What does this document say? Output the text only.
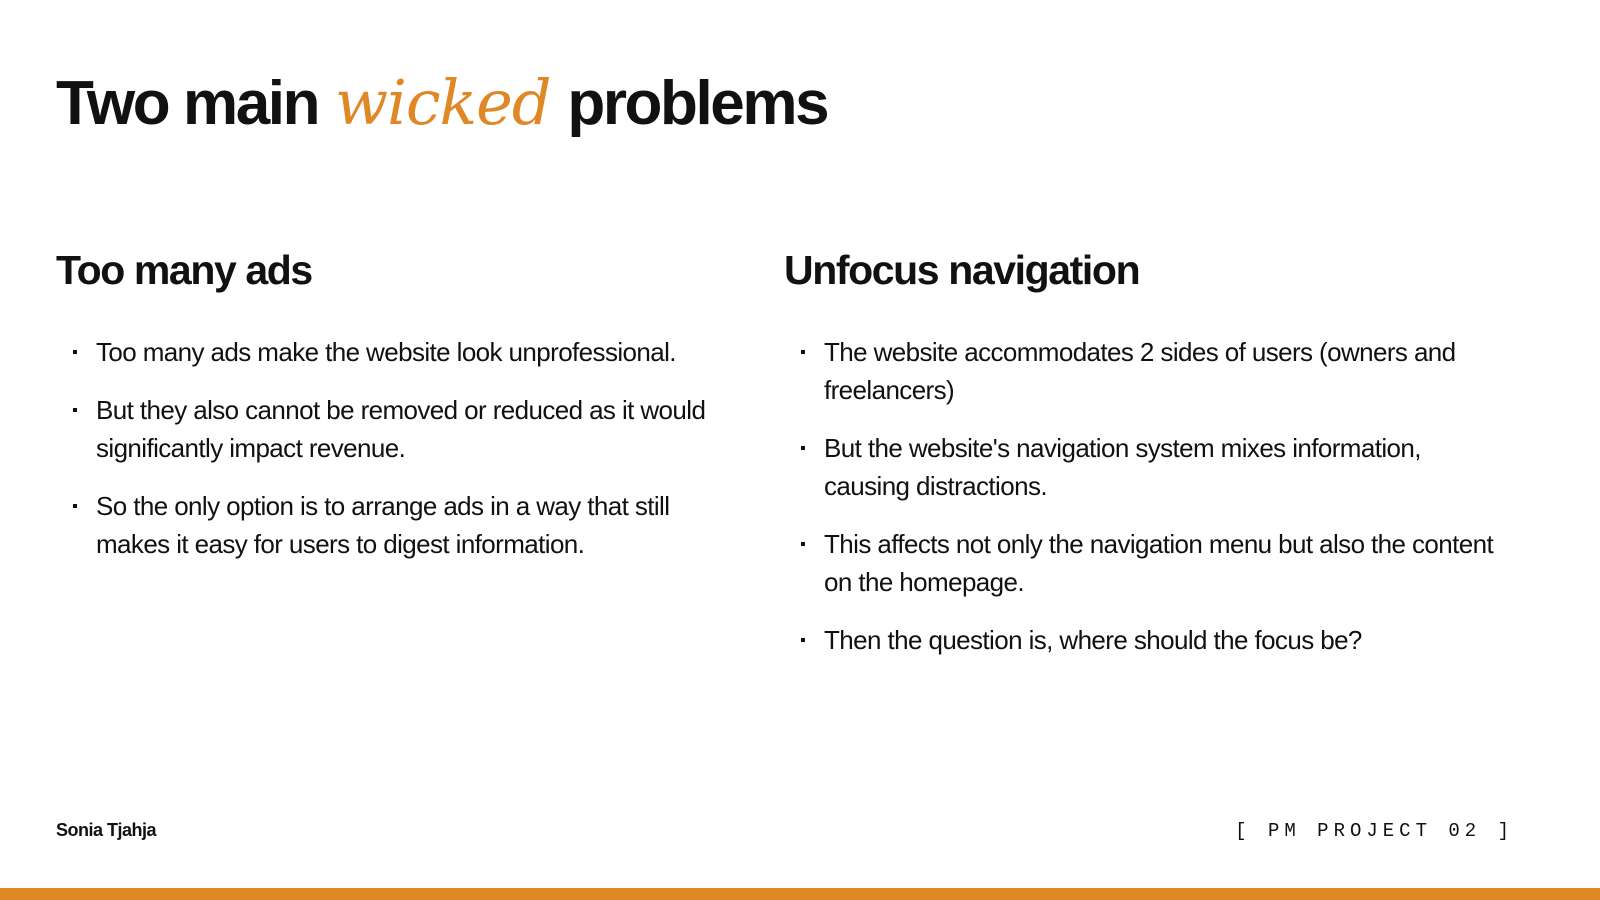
Two main wicked problems
Too many ads
Too many ads make the website look unprofessional.
But they also cannot be removed or reduced as it would significantly impact revenue.
So the only option is to arrange ads in a way that still makes it easy for users to digest information.
Unfocus navigation
The website accommodates 2 sides of users (owners and freelancers)
But the website's navigation system mixes information, causing distractions.
This affects not only the navigation menu but also the content on the homepage.
Then the question is, where should the focus be?
Sonia Tjahja	[ PM PROJECT 02 ]
